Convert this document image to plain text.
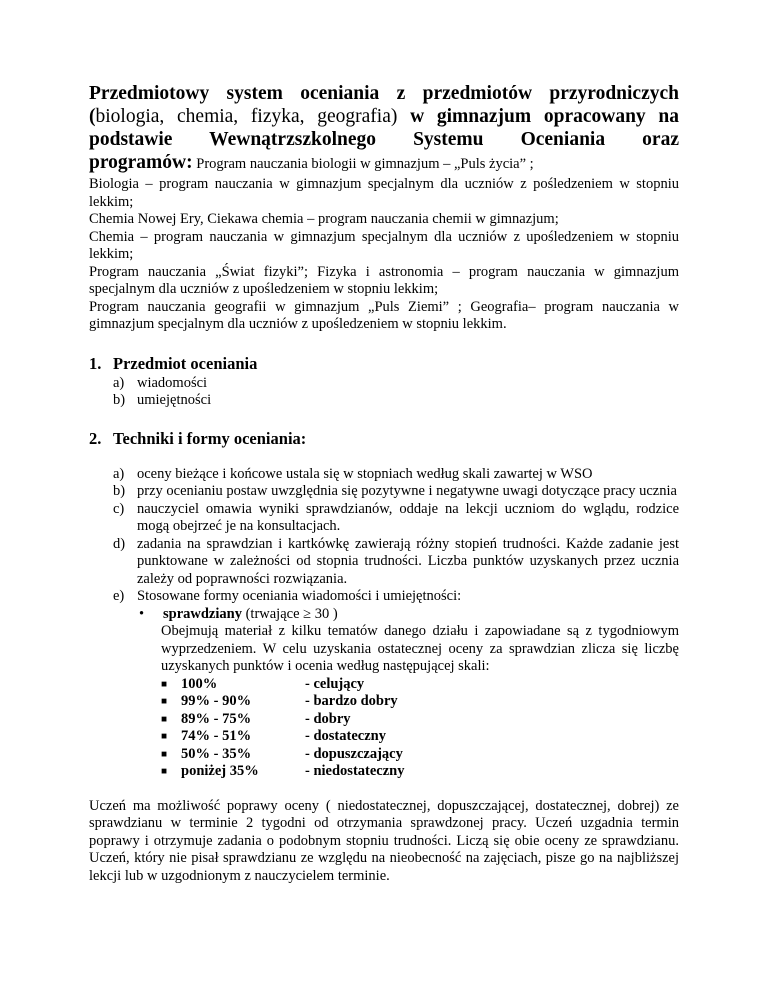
Przedmiotowy system oceniania z przedmiotów przyrodniczych

(biologia, chemia, fizyka, geografia) w gimnazjum opracowany na

podstawie Wewnątrzszkolnego Systemu Oceniania oraz

programów: Program nauczania biologii w gimnazjum – „Puls życia” ;

Biologia – program nauczania w gimnazjum specjalnym dla uczniów z pośledzeniem w stopniu lekkim;

Chemia Nowej Ery, Ciekawa chemia – program nauczania chemii w gimnazjum;

Chemia – program nauczania w gimnazjum specjalnym dla uczniów z upośledzeniem w stopniu lekkim;

Program nauczania „Świat fizyki”; Fizyka i astronomia – program nauczania w gimnazjum specjalnym dla uczniów z upośledzeniem w stopniu lekkim;

Program nauczania geografii w gimnazjum „Puls Ziemi” ; Geografia– program nauczania w gimnazjum specjalnym dla uczniów z upośledzeniem w stopniu lekkim.

1. Przedmiot oceniania
a) wiadomości
b) umiejętności
2. Techniki i formy oceniania:
a) oceny bieżące i końcowe ustala się w stopniach według skali zawartej w WSO
b) przy ocenianiu postaw uwzględnia się pozytywne i negatywne uwagi dotyczące pracy ucznia
c) nauczyciel omawia wyniki sprawdzianów, oddaje na lekcji uczniom do wglądu, rodzice mogą obejrzeć je na konsultacjach.
d) zadania na sprawdzian i kartkówkę zawierają różny stopień trudności. Każde zadanie jest punktowane w zależności od stopnia trudności. Liczba punktów uzyskanych przez ucznia zależy od poprawności rozwiązania.
e) Stosowane formy oceniania wiadomości i umiejętności:
•	sprawdziany (trwające ≥ 30 )

Obejmują materiał z kilku tematów danego działu i zapowiadane są z tygodniowym wyprzedzeniem. W celu uzyskania ostatecznej oceny za sprawdzian zlicza się liczbę uzyskanych punktów i ocenia według następującej skali:

■ 100%	- celujący
■ 99% - 90%	- bardzo dobry
■ 89% - 75%	- dobry
■ 74% - 51%	- dostateczny
■ 50% - 35%	- dopuszczający
■ poniżej 35%	- niedostateczny

Uczeń ma możliwość poprawy oceny ( niedostatecznej, dopuszczającej, dostatecznej, dobrej) ze sprawdzianu w terminie 2 tygodni od otrzymania sprawdzonej pracy. Uczeń uzgadnia termin poprawy i otrzymuje zadania o podobnym stopniu trudności. Liczą się obie oceny ze sprawdzianu. Uczeń, który nie pisał sprawdzianu ze względu na nieobecność na zajęciach, pisze go na najbliższej lekcji lub w uzgodnionym z nauczycielem terminie.
